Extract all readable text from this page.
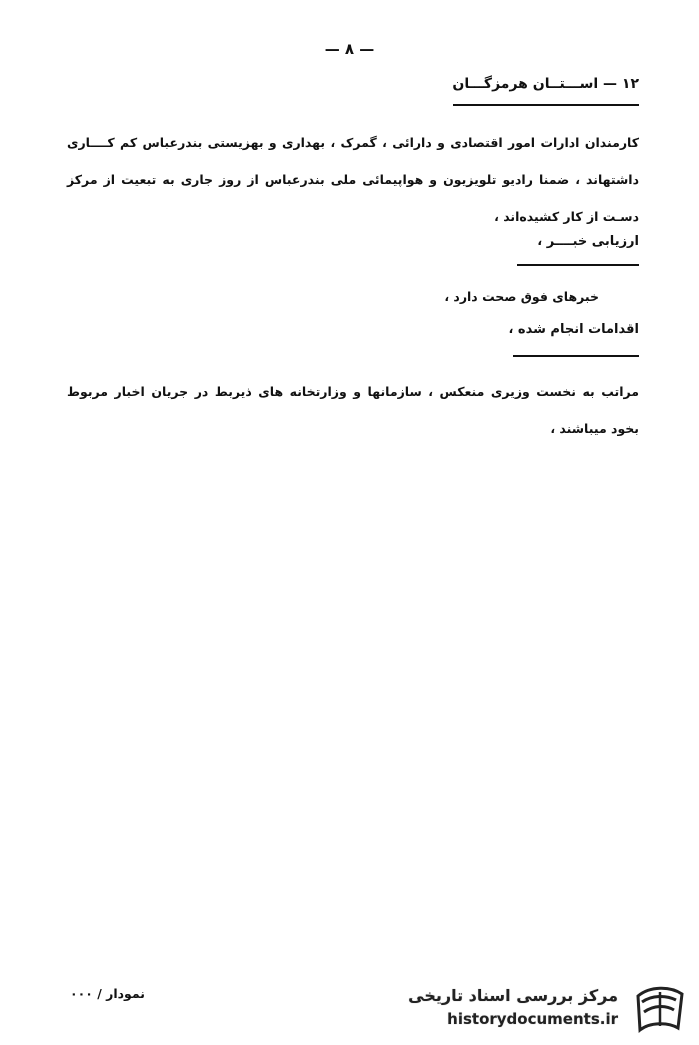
— ۸ —
۱۲ — اســـتــان هرمزگـــان
کارمندان ادارات امور اقتصادی و دارائی ، گمرک ، بهداری و بهزیستی بندرعباس کم کــــاری داشتهاند ، ضمنا رادیو تلویزیون و هواپیمائی ملی بندرعباس از روز جاری به تبعیت از مرکز دسـت از کار کشیده‌اند ،
ارزیابی خبــــر ،
خبرهای فوق صحت دارد ،
اقدامات انجام شده ،
مراتب به نخست وزیری منعکس ، سازمانها و وزارتخانه های ذیربط در جریان اخبار مربوط بخود میباشند ،
نمودار / ۰۰۰	مرکز بررسی اسناد تاریخی
historydocuments.ir
